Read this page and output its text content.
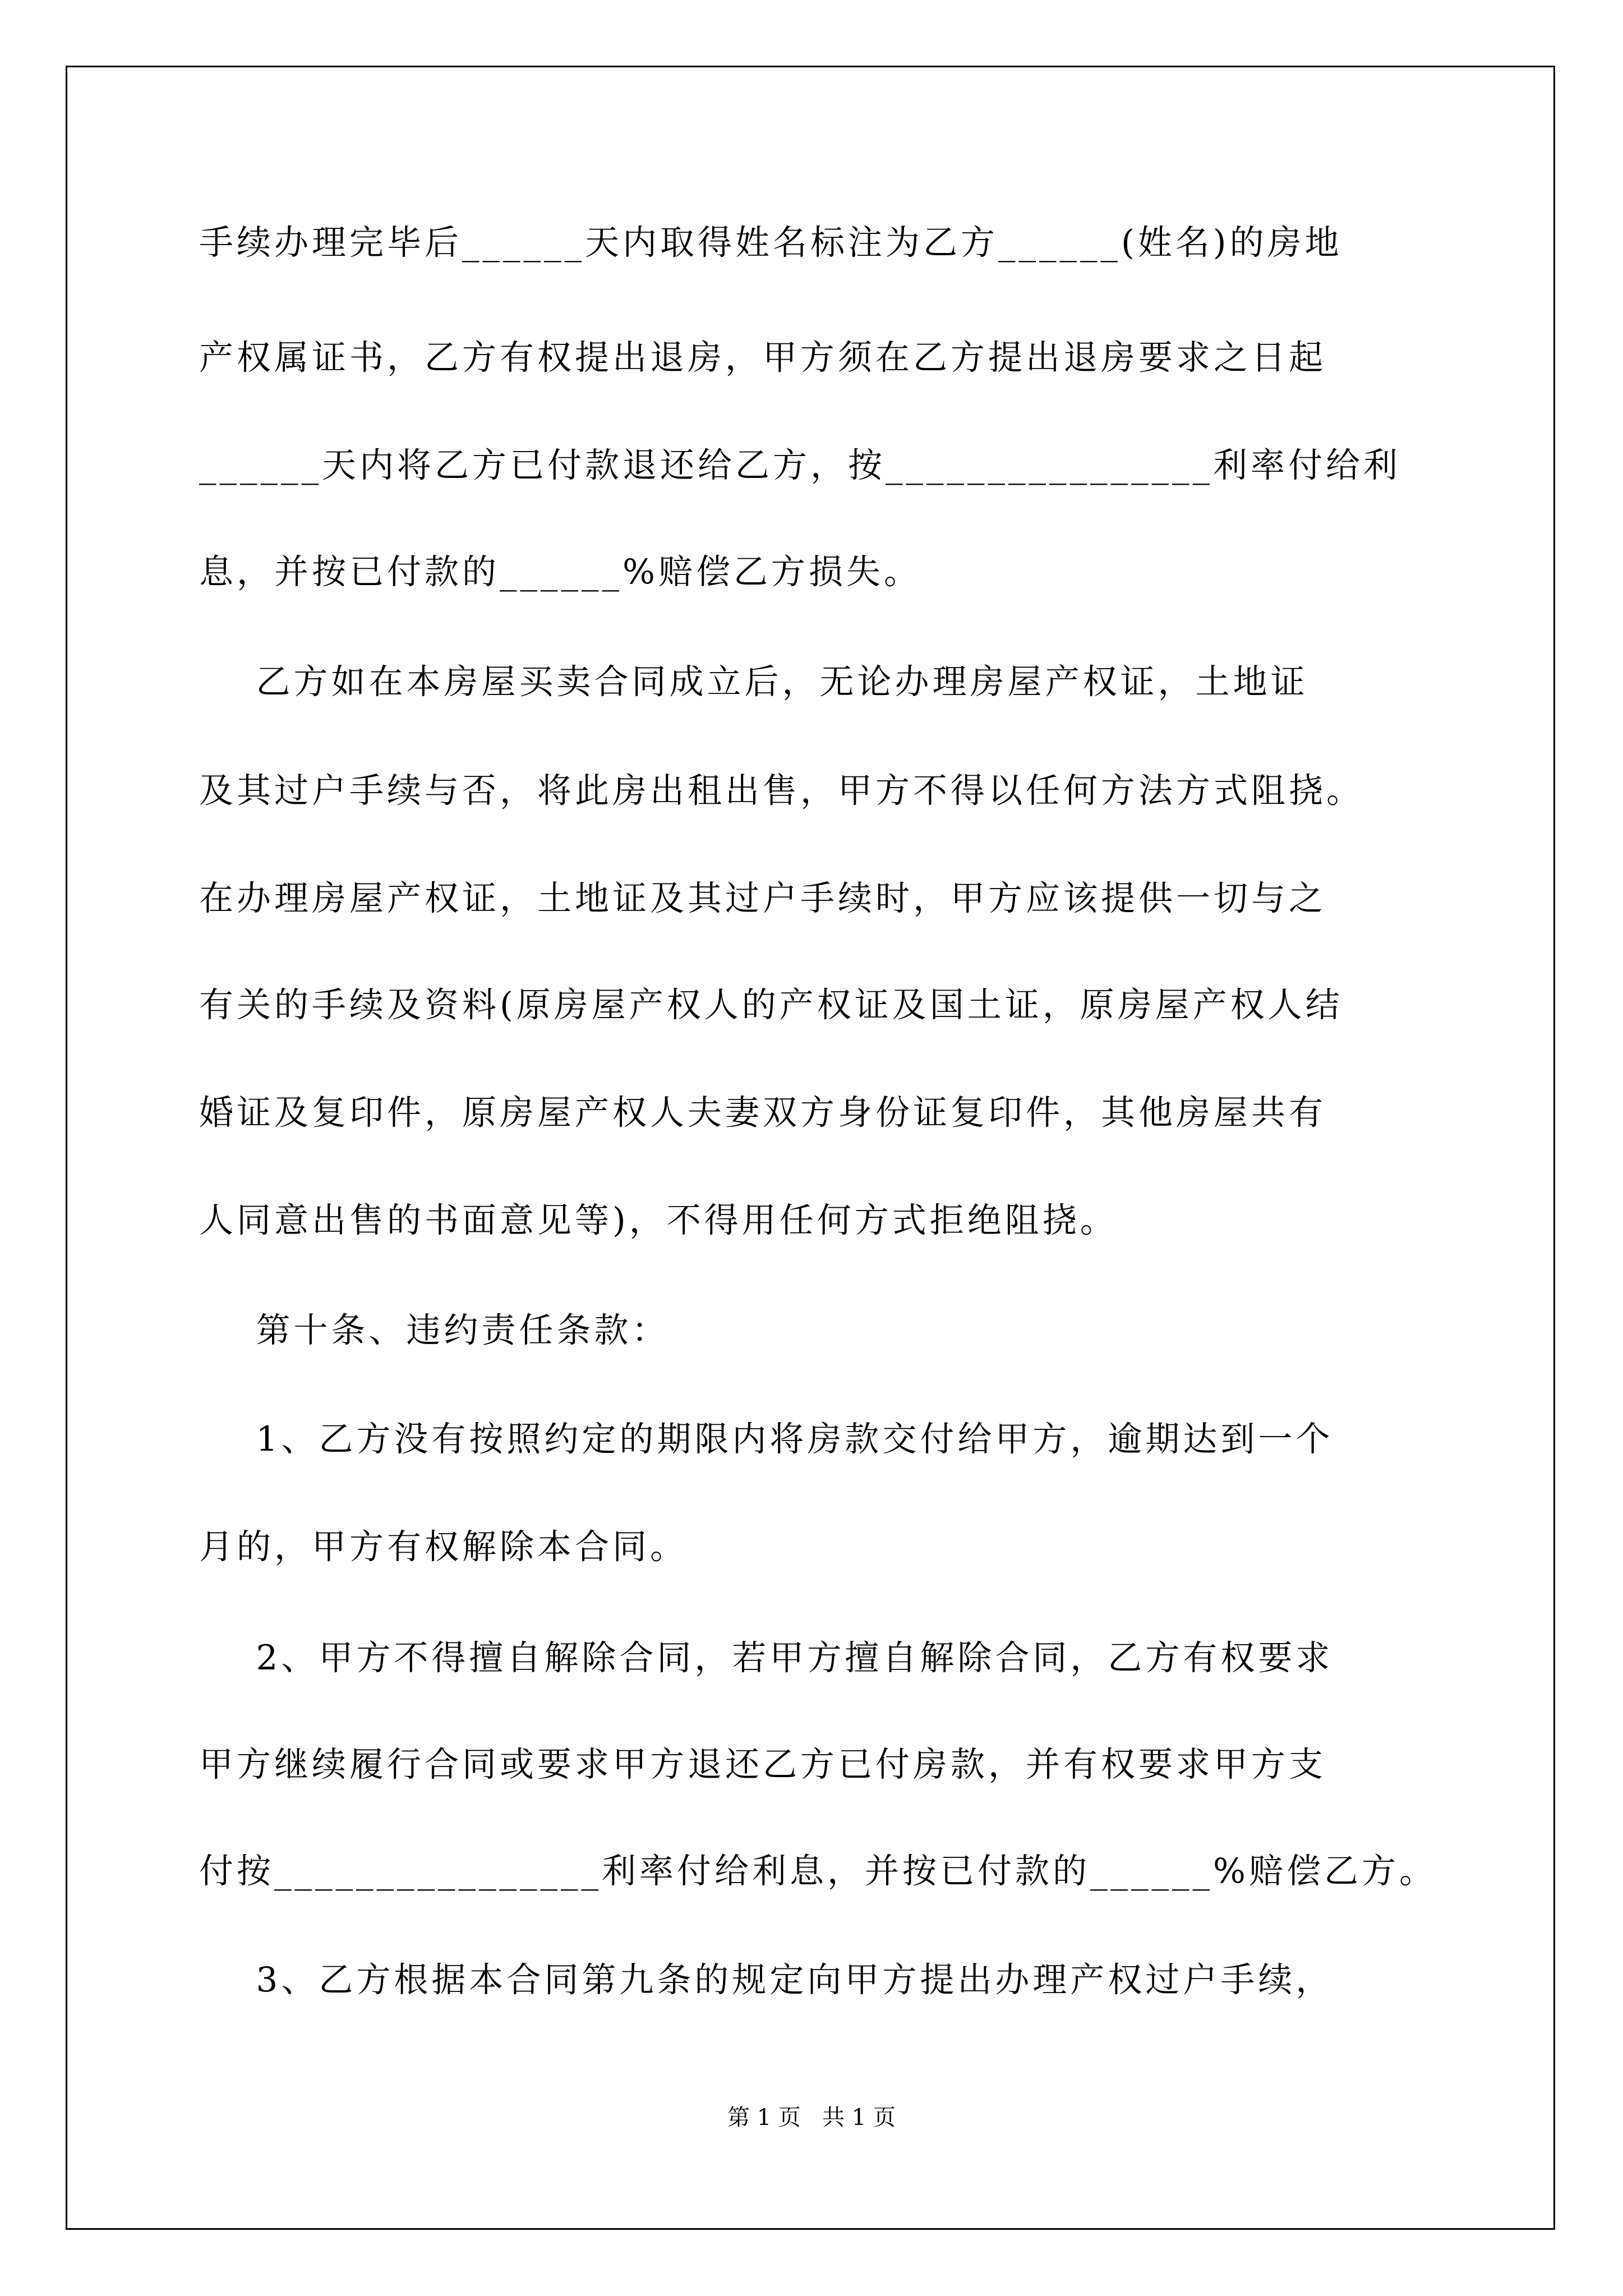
手续办理完毕后______天内取得姓名标注为乙方______(姓名)的房地
产权属证书，乙方有权提出退房，甲方须在乙方提出退房要求之日起
______天内将乙方已付款退还给乙方，按________________利率付给利
息，并按已付款的______%赔偿乙方损失。
乙方如在本房屋买卖合同成立后，无论办理房屋产权证，土地证
及其过户手续与否，将此房出租出售，甲方不得以任何方法方式阻挠。
在办理房屋产权证，土地证及其过户手续时，甲方应该提供一切与之
有关的手续及资料(原房屋产权人的产权证及国土证，原房屋产权人结
婚证及复印件，原房屋产权人夫妻双方身份证复印件，其他房屋共有
人同意出售的书面意见等)，不得用任何方式拒绝阻挠。
第十条、违约责任条款：
1、乙方没有按照约定的期限内将房款交付给甲方，逾期达到一个
月的，甲方有权解除本合同。
2、甲方不得擅自解除合同，若甲方擅自解除合同，乙方有权要求
甲方继续履行合同或要求甲方退还乙方已付房款，并有权要求甲方支
付按________________利率付给利息，并按已付款的______%赔偿乙方。
3、乙方根据本合同第九条的规定向甲方提出办理产权过户手续，
第 1 页   共 1 页
